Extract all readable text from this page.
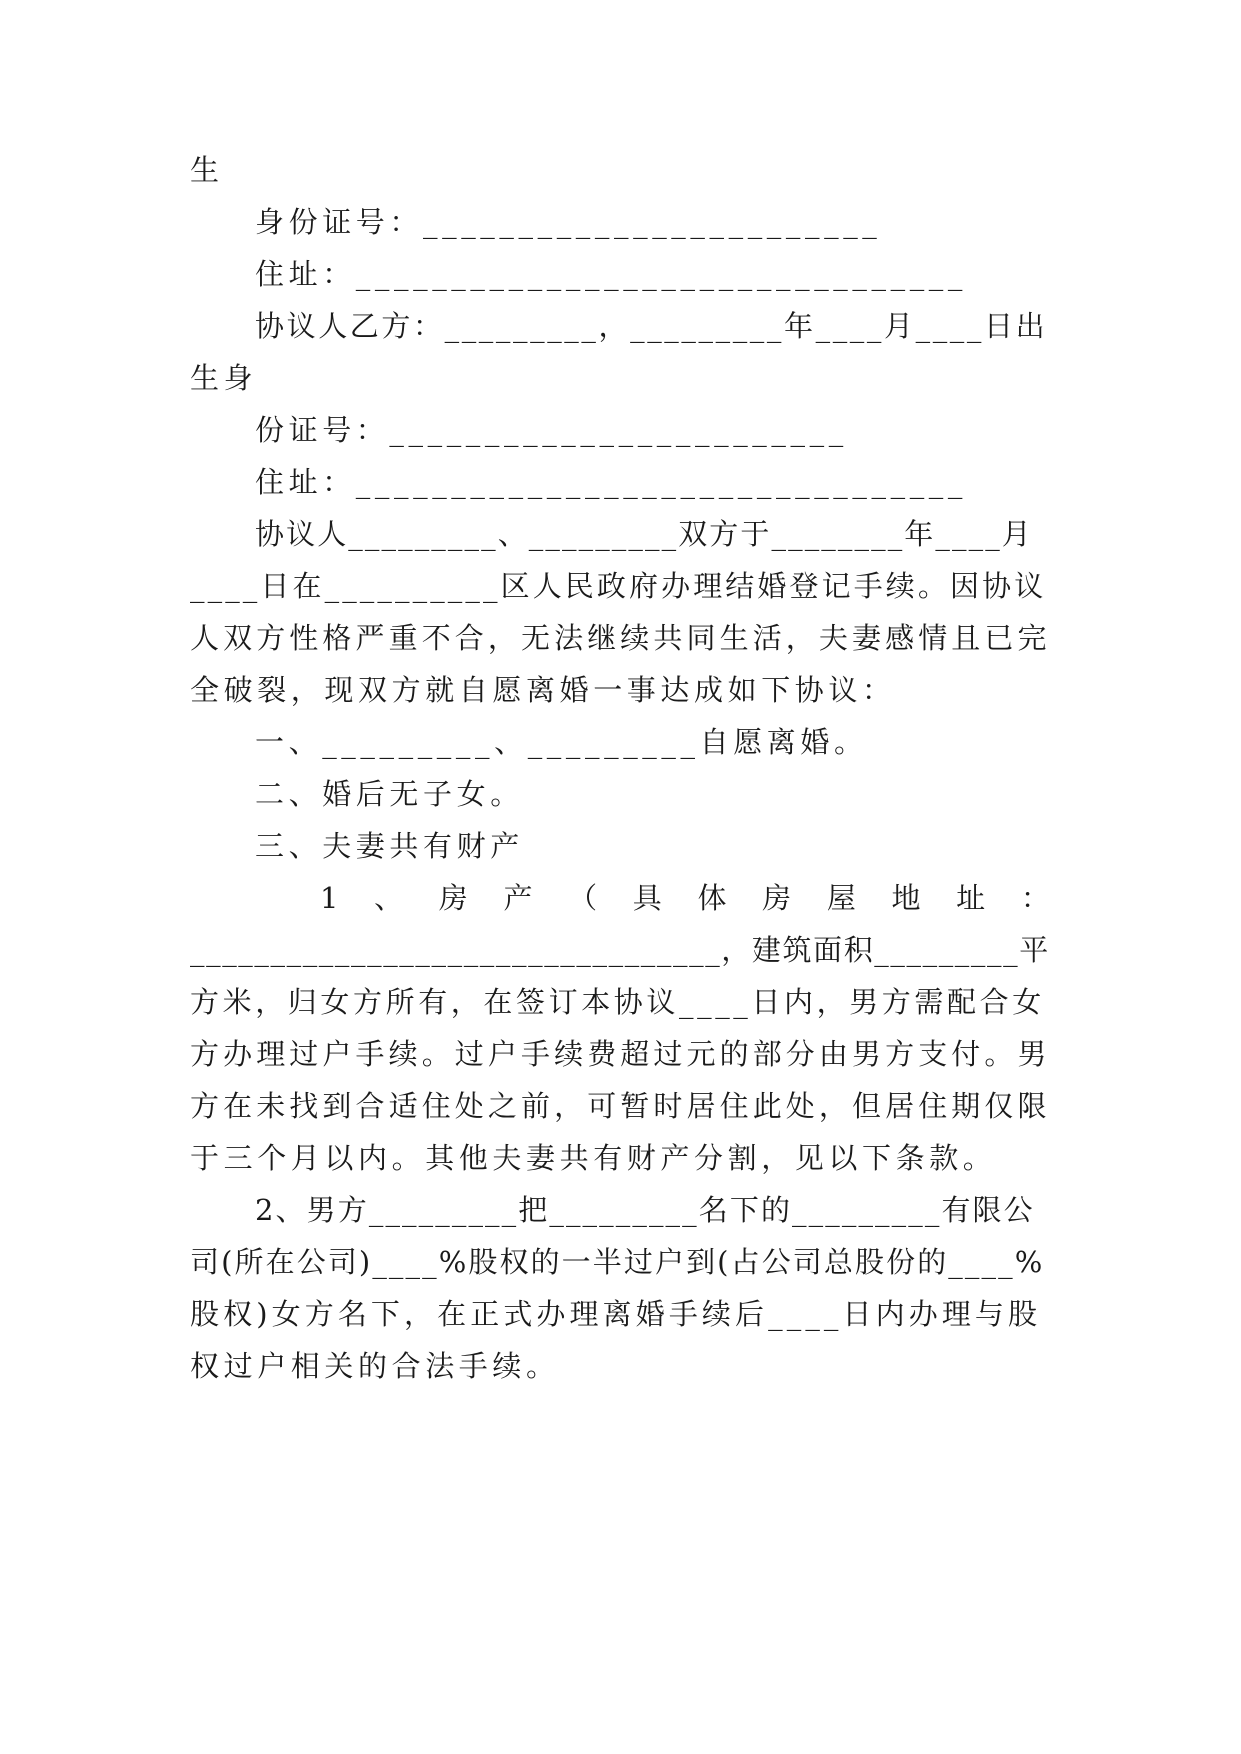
生
身份证号：________________________
住址：________________________________
协议人乙方：_________，_________年____月____日出
生身
份证号：________________________
住址：________________________________
协议人_________、_________双方于________年____月
____日在__________区人民政府办理结婚登记手续。因协议
人双方性格严重不合，无法继续共同生活，夫妻感情且已完
全破裂，现双方就自愿离婚一事达成如下协议：
一、_________、_________自愿离婚。
二、婚后无子女。
三、夫妻共有财产
1 、 房 产 （ 具 体 房 屋 地 址 ：
_________________________________，建筑面积_________平
方米，归女方所有，在签订本协议____日内，男方需配合女
方办理过户手续。过户手续费超过元的部分由男方支付。男
方在未找到合适住处之前，可暂时居住此处，但居住期仅限
于三个月以内。其他夫妻共有财产分割，见以下条款。
2、男方_________把_________名下的_________有限公
司(所在公司)____%股权的一半过户到(占公司总股份的____%
股权)女方名下，在正式办理离婚手续后____日内办理与股
权过户相关的合法手续。
